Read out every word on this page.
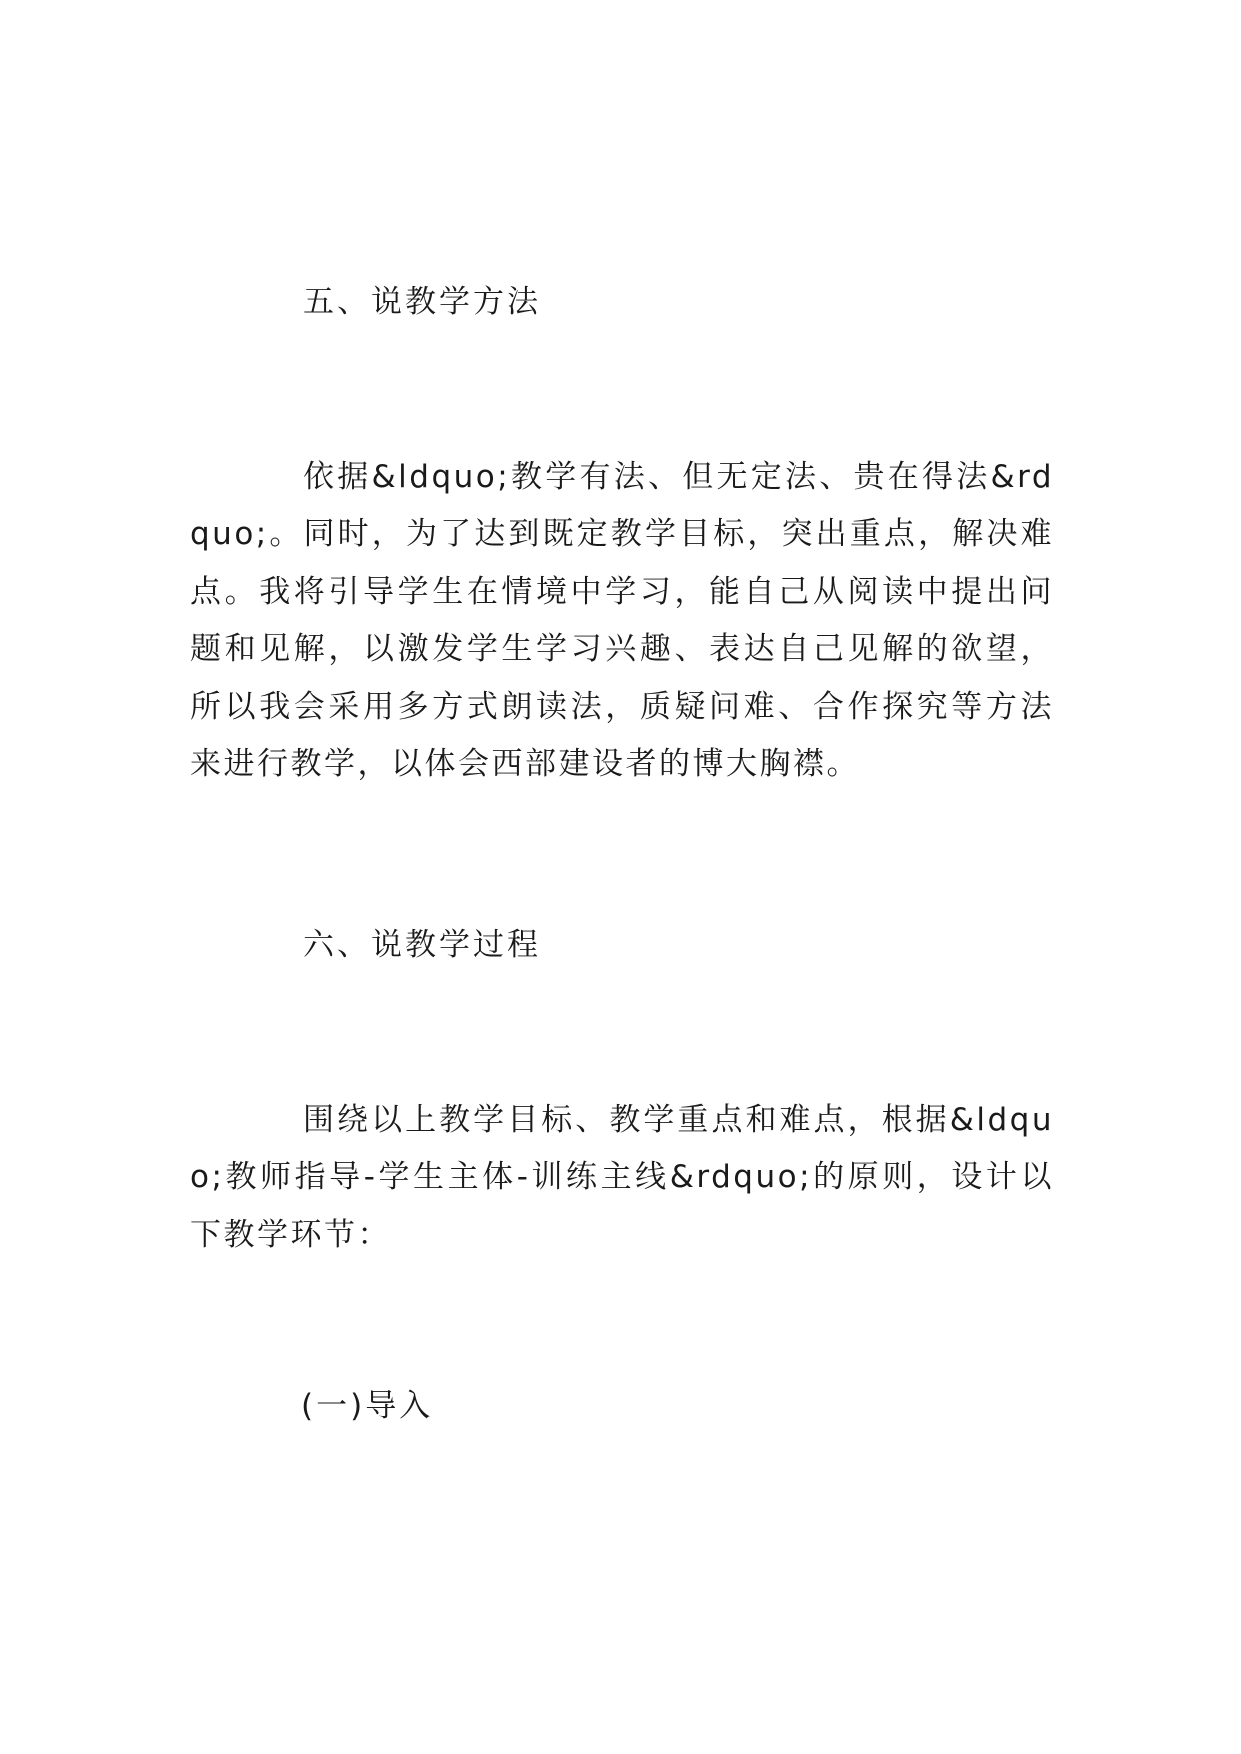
五、说教学方法

依据&ldquo;教学有法、但无定法、贵在得法&rdquo;。同时，为了达到既定教学目标，突出重点，解决难点。我将引导学生在情境中学习，能自己从阅读中提出问题和见解，以激发学生学习兴趣、表达自己见解的欲望，所以我会采用多方式朗读法，质疑问难、合作探究等方法来进行教学，以体会西部建设者的博大胸襟。

六、说教学过程

围绕以上教学目标、教学重点和难点，根据&ldquo;教师指导-学生主体-训练主线&rdquo;的原则，设计以下教学环节：

(一)导入
